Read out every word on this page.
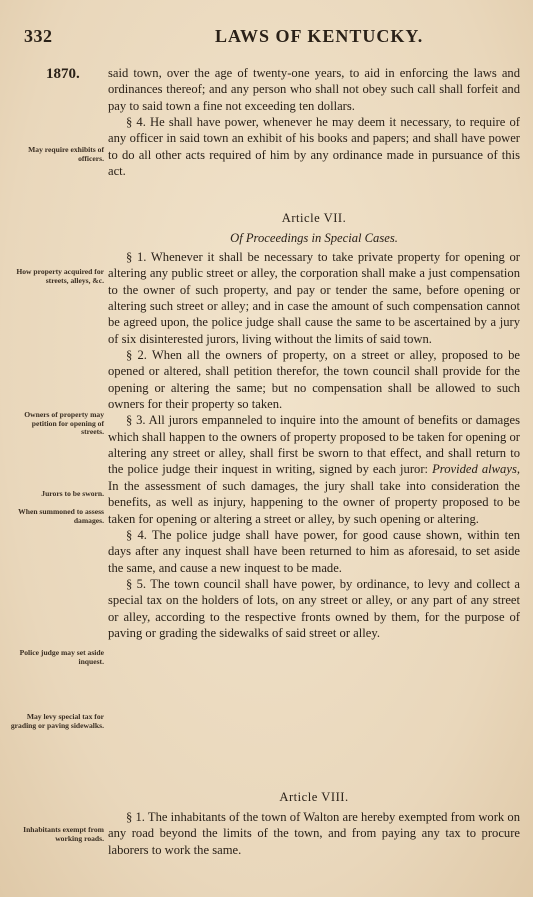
332	LAWS OF KENTUCKY.
1870.
May require exhibits of officers.
How property acquired for streets, alleys, &c.
Owners of property may petition for opening of streets.
Jurors to be sworn.
When summoned to assess damages.
Police judge may set aside inquest.
May levy special tax for grading or paving sidewalks.
Inhabitants exempt from working roads.

said town, over the age of twenty-one years, to aid in enforcing the laws and ordinances thereof; and any person who shall not obey such call shall forfeit and pay to said town a fine not exceeding ten dollars.

§ 4. He shall have power, whenever he may deem it necessary, to require of any officer in said town an exhibit of his books and papers; and shall have power to do all other acts required of him by any ordinance made in pursuance of this act.

Article VII.
Of Proceedings in Special Cases.

§ 1. Whenever it shall be necessary to take private property for opening or altering any public street or alley, the corporation shall make a just compensation to the owner of such property, and pay or tender the same, before opening or altering such street or alley; and in case the amount of such compensation cannot be agreed upon, the police judge shall cause the same to be ascertained by a jury of six disinterested jurors, living without the limits of said town.

§ 2. When all the owners of property, on a street or alley, proposed to be opened or altered, shall petition therefor, the town council shall provide for the opening or altering the same; but no compensation shall be allowed to such owners for their property so taken.

§ 3. All jurors empanneled to inquire into the amount of benefits or damages which shall happen to the owners of property proposed to be taken for opening or altering any street or alley, shall first be sworn to that effect, and shall return to the police judge their inquest in writing, signed by each juror: Provided always, In the assessment of such damages, the jury shall take into consideration the benefits, as well as injury, happening to the owner of property proposed to be taken for opening or altering a street or alley, by such opening or altering.

§ 4. The police judge shall have power, for good cause shown, within ten days after any inquest shall have been returned to him as aforesaid, to set aside the same, and cause a new inquest to be made.

§ 5. The town council shall have power, by ordinance, to levy and collect a special tax on the holders of lots, on any street or alley, or any part of any street or alley, according to the respective fronts owned by them, for the purpose of paving or grading the sidewalks of said street or alley.

Article VIII.

§ 1. The inhabitants of the town of Walton are hereby exempted from work on any road beyond the limits of the town, and from paying any tax to procure laborers to work the same.
